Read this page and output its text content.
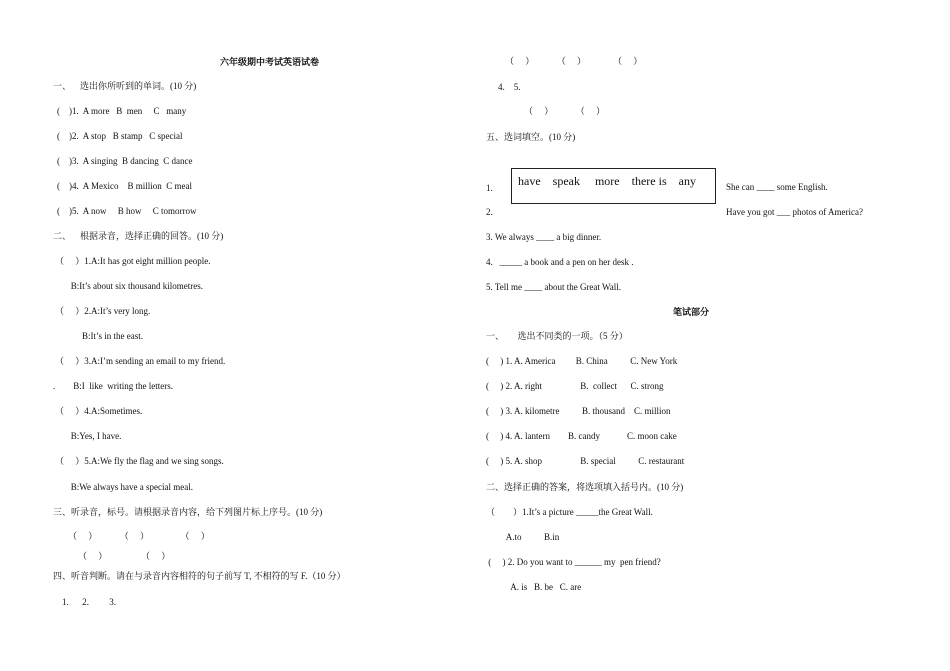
六年级期中考试英语试卷
一、    选出你所听到的单词。(10 分)
(    )1.  A more   B  men     C   many
(    )2.  A stop   B stamp   C special
(    )3.  A singing  B dancing  C dance
(    )4.  A Mexico    B million  C meal
(    )5.  A now     B how     C tomorrow
二、    根据录音，选择正确的回答。(10 分)
（     ）1.A:It has got eight million people.
B:It’s about six thousand kilometres.
（     ）2.A:It’s very long.
B:It’s in the east.
（     ）3.A:I’m sending an email to my friend.
.        B:I  like  writing the letters.
（     ）4.A:Sometimes.
B:Yes, I have.
（     ）5.A:We fly the flag and we sing songs.
B:We always have a special meal.
三、听录音，标号。请根据录音内容，给下列图片标上序号。(10 分)
（     ）          （     ）              （     ）
（     ）               （     ）
四、听音判断。请在与录音内容相符的句子前写 T, 不相符的写 F.（10 分）
1.      2.         3.
（     ）          （     ）            （     ）
4.    5.
（     ）          （     ）
五、选词填空。(10 分)
have    speak     more    there is    any
1.
2.
She can ____ some English.
Have you got ___ photos of America?
3. We always ____ a big dinner.
4.   _____ a book and a pen on her desk .
5. Tell me ____ about the Great Wall.
笔试部分
一、      选出不同类的一项。（5 分）
(     ) 1. A. America         B. China          C. New York
(     ) 2. A. right                 B.  collect      C. strong
(     ) 3. A. kilometre          B. thousand    C. million
(     ) 4. A. lantern        B. candy            C. moon cake
(     ) 5. A. shop                 B. special          C. restaurant
二、选择正确的答案，将选项填入括号内。(10 分)
（        ）1.It’s a picture _____the Great Wall.
A.to          B.in
(     ) 2. Do you want to ______ my  pen friend?
A. is   B. be   C. are
